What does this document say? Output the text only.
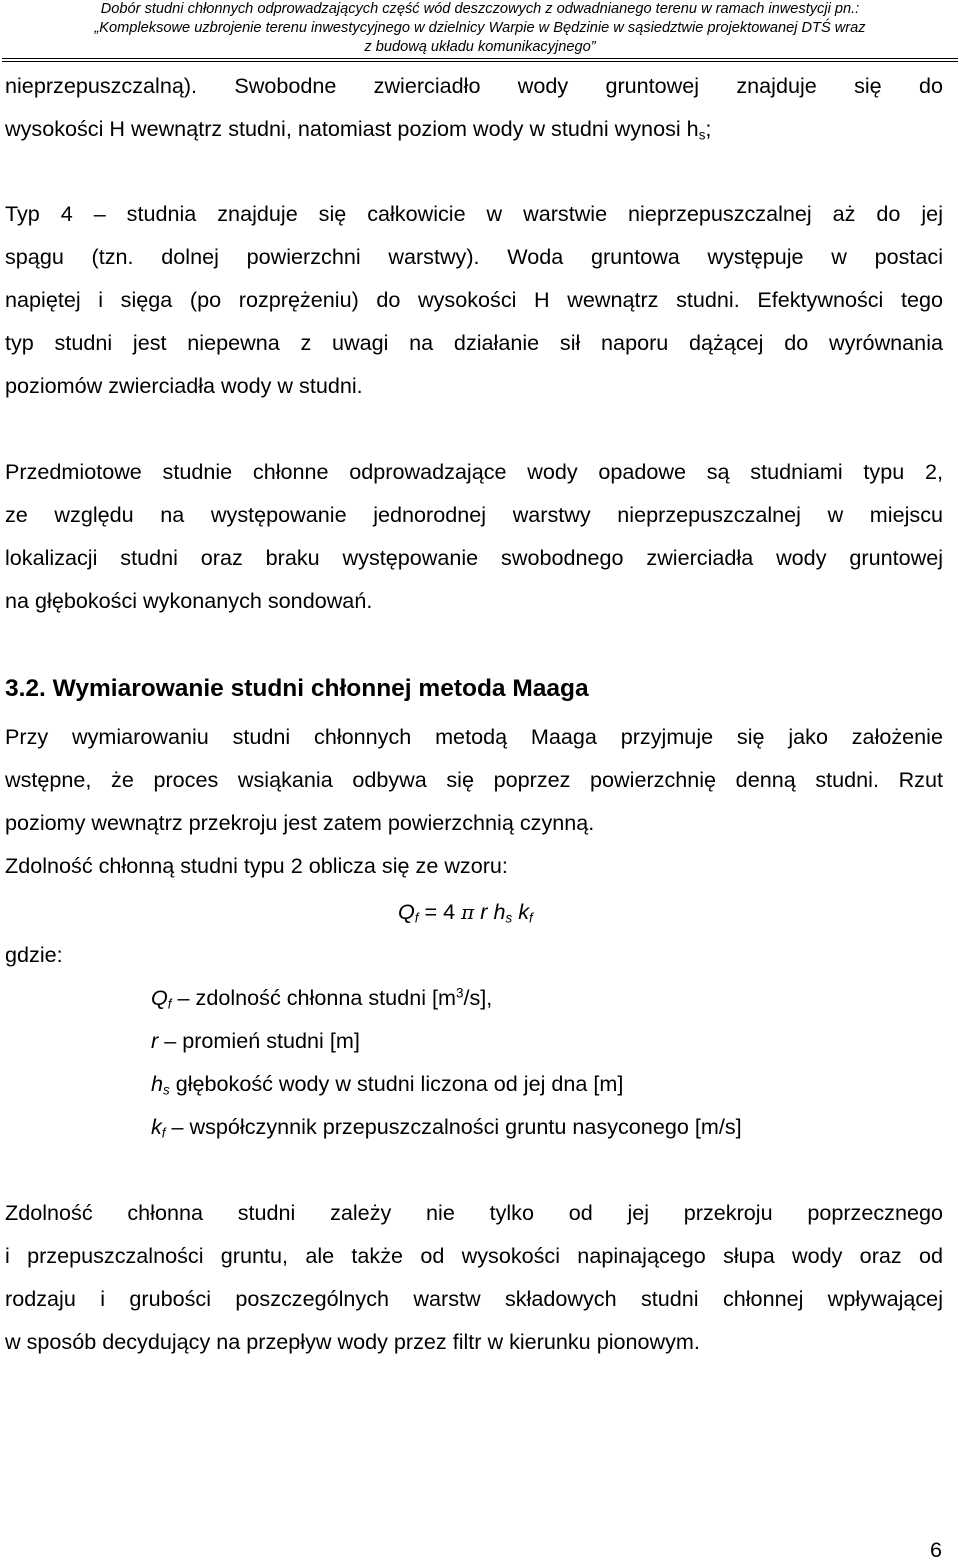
Dobór studni chłonnych odprowadzających część wód deszczowych z odwadnianego terenu w ramach inwestycji pn.:
„Kompleksowe uzbrojenie terenu inwestycyjnego w dzielnicy Warpie w Będzinie w sąsiedztwie projektowanej DTŚ wraz
z budową układu komunikacyjnego”
nieprzepuszczalną). Swobodne zwierciadło wody gruntowej znajduje się do
wysokości H wewnątrz studni, natomiast poziom wody w studni wynosi $h_s$;
Typ 4 – studnia znajduje się całkowicie w warstwie nieprzepuszczalnej aż do jej
spągu (tzn. dolnej powierzchni warstwy). Woda gruntowa występuje w postaci
napiętej i sięga (po rozprężeniu) do wysokości H wewnątrz studni. Efektywności tego
typ studni jest niepewna z uwagi na działanie sił naporu dążącej do wyrównania
poziomów zwierciadła wody w studni.
Przedmiotowe studnie chłonne odprowadzające wody opadowe są studniami typu 2,
ze względu na występowanie jednorodnej warstwy nieprzepuszczalnej w miejscu
lokalizacji studni oraz braku występowanie swobodnego zwierciadła wody gruntowej
na głębokości wykonanych sondowań.
3.2. Wymiarowanie studni chłonnej metoda Maaga
Przy wymiarowaniu studni chłonnych metodą Maaga przyjmuje się jako założenie
wstępne, że proces wsiąkania odbywa się poprzez powierzchnię denną studni. Rzut
poziomy wewnątrz przekroju jest zatem powierzchnią czynną.
Zdolność chłonną studni typu 2 oblicza się ze wzoru:
$Q_f = 4$ π r $h_s$ $k_f$
gdzie:
$Q_f$ – zdolność chłonna studni $[m^3/s]$,
r – promień studni [m]
$h_s$ głębokość wody w studni liczona od jej dna [m]
$k_f$ – współczynnik przepuszczalności gruntu nasyconego [m/s]
Zdolność chłonna studni zależy nie tylko od jej przekroju poprzecznego
i przepuszczalności gruntu, ale także od wysokości napinającego słupa wody oraz od
rodzaju i grubości poszczególnych warstw składowych studni chłonnej wpływającej
w sposób decydujący na przepływ wody przez filtr w kierunku pionowym.
6
